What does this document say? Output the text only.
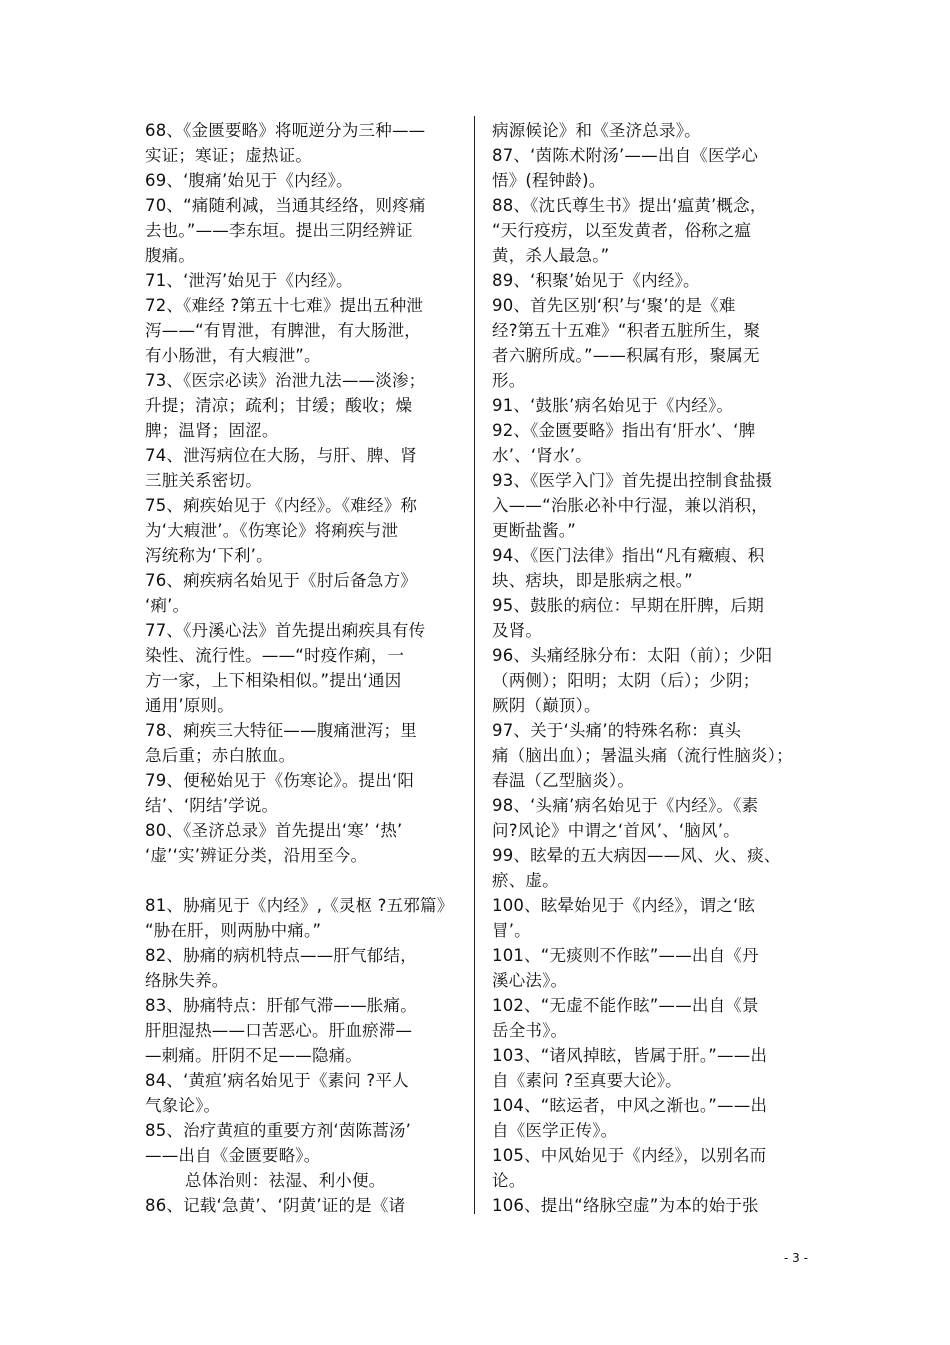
68、《金匮要略》将呃逆分为三种——
实证；寒证；虚热证。
69、‘腹痛’始见于《内经》。
70、“痛随利减，当通其经络，则疼痛
去也。”——李东垣。提出三阴经辨证
腹痛。
71、‘泄泻’始见于《内经》。
72、《难经 ?第五十七难》提出五种泄
泻——“有胃泄，有脾泄，有大肠泄，
有小肠泄，有大瘕泄”。
73、《医宗必读》治泄九法——淡渗；
升提；清凉；疏利；甘缓；酸收；燥
脾；温肾；固涩。
74、泄泻病位在大肠，与肝、脾、肾
三脏关系密切。
75、痢疾始见于《内经》。《难经》称
为‘大瘕泄’。《伤寒论》将痢疾与泄
泻统称为‘下利’。
76、痢疾病名始见于《肘后备急方》
‘痢’。
77、《丹溪心法》首先提出痢疾具有传
染性、流行性。——“时疫作痢，一
方一家，上下相染相似。”提出‘通因
通用’原则。
78、痢疾三大特征——腹痛泄泻；里
急后重；赤白脓血。
79、便秘始见于《伤寒论》。提出‘阳
结’、‘阴结’学说。
80、《圣济总录》首先提出‘寒’ ‘热’
‘虚’‘实’辨证分类，沿用至今。
81、胁痛见于《内经》,《灵枢 ?五邪篇》
“胁在肝，则两胁中痛。”
82、胁痛的病机特点——肝气郁结，
络脉失养。
83、胁痛特点：肝郁气滞——胀痛。
肝胆湿热——口苦恶心。肝血瘀滞—
—刺痛。肝阴不足——隐痛。
84、‘黄疸’病名始见于《素问 ?平人
气象论》。
85、治疗黄疸的重要方剂‘茵陈蒿汤’
——出自《金匮要略》。
总体治则：祛湿、利小便。
86、记载‘急黄’、‘阴黄’证的是《诸
病源候论》和《圣济总录》。
87、‘茵陈术附汤’——出自《医学心
悟》(程钟龄)。
88、《沈氏尊生书》提出‘瘟黄’概念，
“天行疫疠，以至发黄者，俗称之瘟
黄，杀人最急。”
89、‘积聚’始见于《内经》。
90、首先区别‘积’与‘聚’的是《难
经?第五十五难》“积者五脏所生，聚
者六腑所成。”——积属有形，聚属无
形。
91、‘鼓胀’病名始见于《内经》。
92、《金匮要略》指出有‘肝水’、‘脾
水’、‘肾水’。
93、《医学入门》首先提出控制食盐摄
入——“治胀必补中行湿，兼以消积，
更断盐酱。”
94、《医门法律》指出“凡有癥瘕、积
块、痞块，即是胀病之根。”
95、鼓胀的病位：早期在肝脾，后期
及肾。
96、头痛经脉分布：太阳（前）；少阳
（两侧）；阳明；太阴（后）；少阴；
厥阴（巅顶）。
97、关于‘头痛’的特殊名称：真头
痛（脑出血）；暑温头痛（流行性脑炎）；
春温（乙型脑炎）。
98、‘头痛’病名始见于《内经》。《素
问?风论》中谓之‘首风’、‘脑风’。
99、眩晕的五大病因——风、火、痰、
瘀、虚。
100、眩晕始见于《内经》，谓之‘眩
冒’。
101、“无痰则不作眩”——出自《丹
溪心法》。
102、“无虚不能作眩”——出自《景
岳全书》。
103、“诸风掉眩，皆属于肝。”——出
自《素问 ?至真要大论》。
104、“眩运者，中风之渐也。”——出
自《医学正传》。
105、中风始见于《内经》，以别名而
论。
106、提出“络脉空虚”为本的始于张
- 3 -
